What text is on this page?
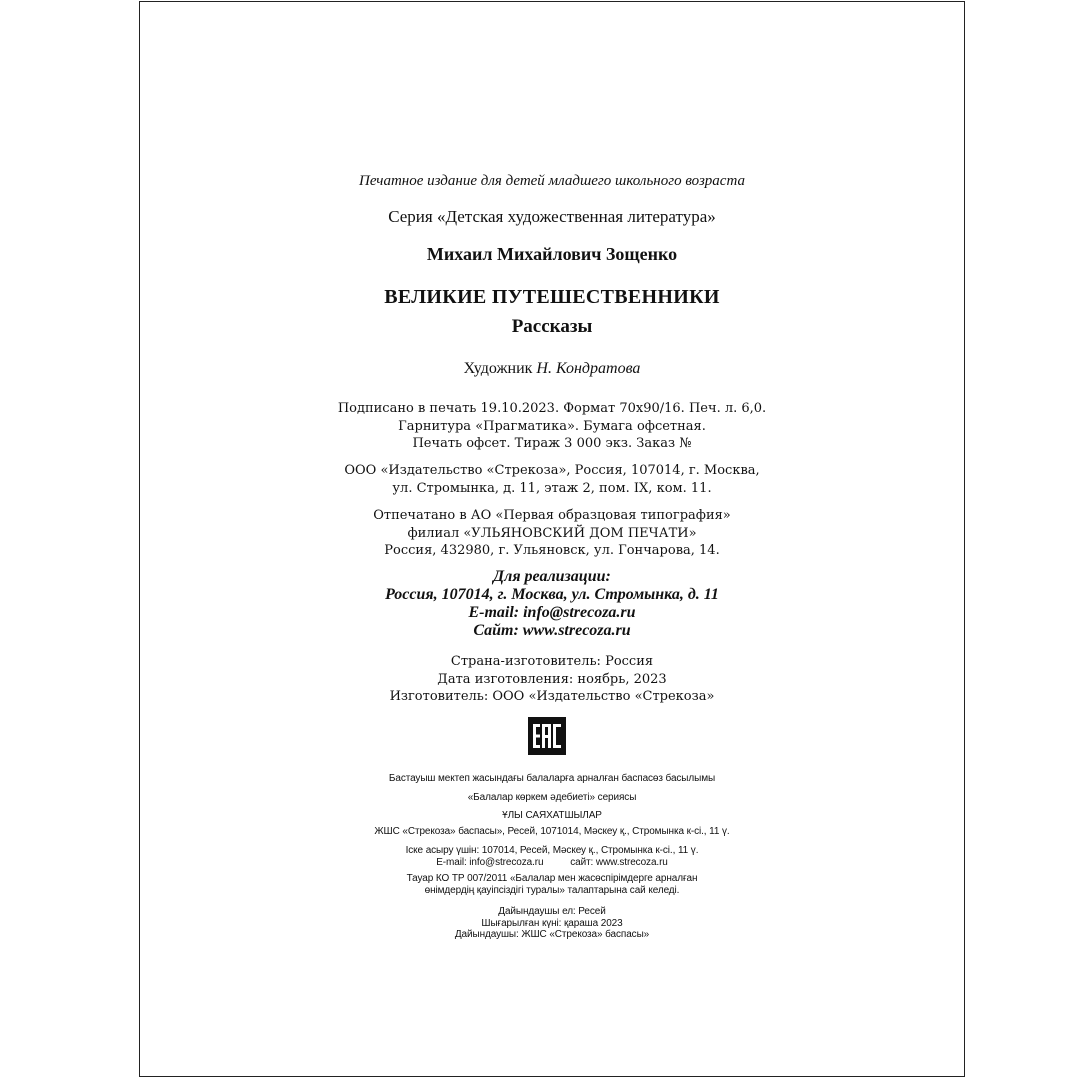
Печатное издание для детей младшего школьного возраста
Серия «Детская художественная литература»
Михаил Михайлович Зощенко
ВЕЛИКИЕ ПУТЕШЕСТВЕННИКИ
Рассказы
Художник Н. Кондратова
Подписано в печать 19.10.2023. Формат 70х90/16. Печ. л. 6,0.
Гарнитура «Прагматика». Бумага офсетная.
Печать офсет. Тираж 3 000 экз. Заказ №
ООО «Издательство «Стрекоза», Россия, 107014, г. Москва,
ул. Стромынка, д. 11, этаж 2, пом. IX, ком. 11.
Отпечатано в АО «Первая образцовая типография»
филиал «УЛЬЯНОВСКИЙ ДОМ ПЕЧАТИ»
Россия, 432980, г. Ульяновск, ул. Гончарова, 14.
Для реализации:
Россия, 107014, г. Москва, ул. Стромынка, д. 11
E-mail: info@strecoza.ru
Сайт: www.strecoza.ru
Страна-изготовитель: Россия
Дата изготовления: ноябрь, 2023
Изготовитель: ООО «Издательство «Стрекоза»
Бастауыш мектеп жасындағы балаларға арналған баспасөз басылымы
«Балалар көркем әдебиеті» сериясы
ҰЛЫ САЯХАТШЫЛАР
ЖШС «Стрекоза» баспасы», Ресей, 1071014, Мәскеу қ., Стромынка к-сі., 11 ү.
Іске асыру үшін: 107014, Ресей, Мәскеу қ., Стромынка к-сі., 11 ү.
E-mail: info@strecoza.ru          сайт: www.strecoza.ru
Тауар КО ТР 007/2011 «Балалар мен жасөспірімдерге арналған
өнімдердің қауіпсіздігі туралы» талаптарына сай келеді.
Дайындаушы ел: Ресей
Шығарылған күні: қараша 2023
Дайындаушы: ЖШС «Стрекоза» баспасы»
